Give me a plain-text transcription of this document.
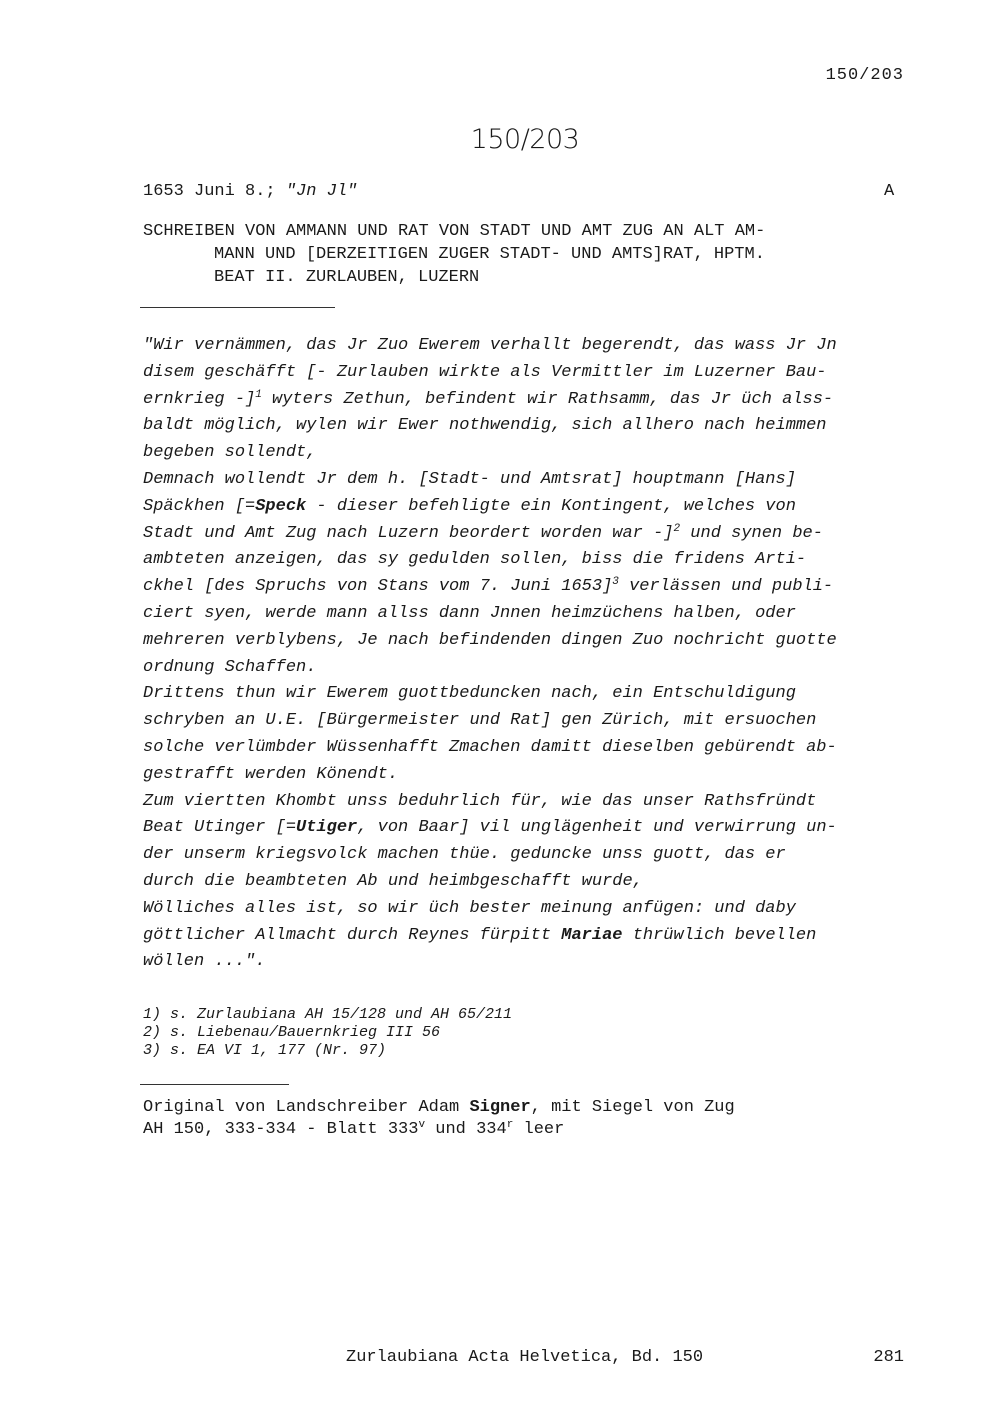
150/203
150/203
1653 Juni 8.; "Jn Jl"	A
SCHREIBEN VON AMMANN UND RAT VON STADT UND AMT ZUG AN ALT AM-
MANN UND [DERZEITIGEN ZUGER STADT- UND AMTS]RAT, HPTM.
BEAT II. ZURLAUBEN, LUZERN
"Wir vernämmen, das Jr Zuo Ewerem verhallt begerendt, das wass Jr Jn
disem geschäfft [- Zurlauben wirkte als Vermittler im Luzerner Bau-
ernkrieg -]$^1$ wyters Zethun, befindent wir Rathsamm, das Jr üch alss-
baldt möglich, wylen wir Ewer nothwendig, sich allhero nach heimmen
begeben sollendt,
Demnach wollendt Jr dem h. [Stadt- und Amtsrat] houptmann [Hans]
Späckhen [=Speck - dieser befehligte ein Kontingent, welches von
Stadt und Amt Zug nach Luzern beordert worden war -]$^2$ und synen be-
ambteten anzeigen, das sy gedulden sollen, biss die fridens Arti-
ckhel [des Spruchs von Stans vom 7. Juni 1653]$^3$ verlässen und publi-
ciert syen, werde mann allss dann Jnnen heimzüchens halben, oder
mehreren verblybens, Je nach befindenden dingen Zuo nochricht guotte
ordnung Schaffen.
Drittens thun wir Ewerem guottbeduncken nach, ein Entschuldigung
schryben an U.E. [Bürgermeister und Rat] gen Zürich, mit ersuochen
solche verlümbder Wüssenhafft Zmachen damitt dieselben gebürendt ab-
gestrafft werden Könendt.
Zum viertten Khombt unss beduhrlich für, wie das unser Rathsfründt
Beat Utinger [=Utiger, von Baar] vil unglägenheit und verwirrung un-
der unserm kriegsvolck machen thüe. geduncke unss guott, das er
durch die beambteten Ab und heimbgeschafft wurde,
Wölliches alles ist, so wir üch bester meinung anfügen: und daby
göttlicher Allmacht durch Reynes fürpitt Mariae thrüwlich bevellen
wöllen ...".
1) s. Zurlaubiana AH 15/128 und AH 65/211
2) s. Liebenau/Bauernkrieg III 56
3) s. EA VI 1, 177 (Nr. 97)
Original von Landschreiber Adam Signer, mit Siegel von Zug
AH 150, 333-334 - Blatt 333$^v$ und 334$^r$ leer
Zurlaubiana Acta Helvetica, Bd. 150	281
